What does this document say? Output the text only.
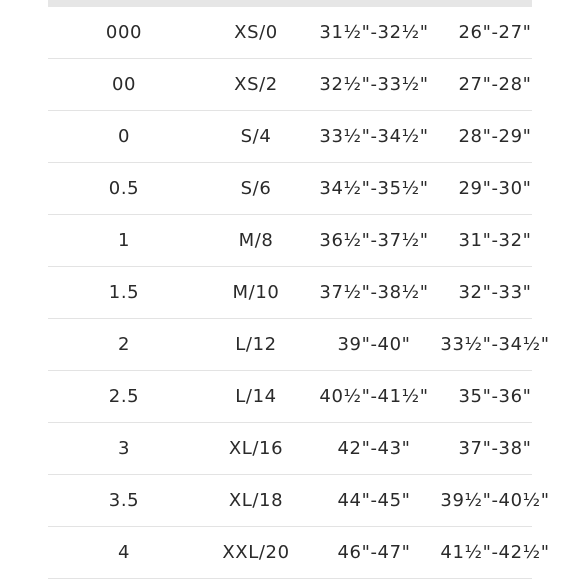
000	XS/0	31½"-32½"	26"-27"
00	XS/2	32½"-33½"	27"-28"
0	S/4	33½"-34½"	28"-29"
0.5	S/6	34½"-35½"	29"-30"
1	M/8	36½"-37½"	31"-32"
1.5	M/10	37½"-38½"	32"-33"
2	L/12	39"-40"	33½"-34½"
2.5	L/14	40½"-41½"	35"-36"
3	XL/16	42"-43"	37"-38"
3.5	XL/18	44"-45"	39½"-40½"
4	XXL/20	46"-47"	41½"-42½"
